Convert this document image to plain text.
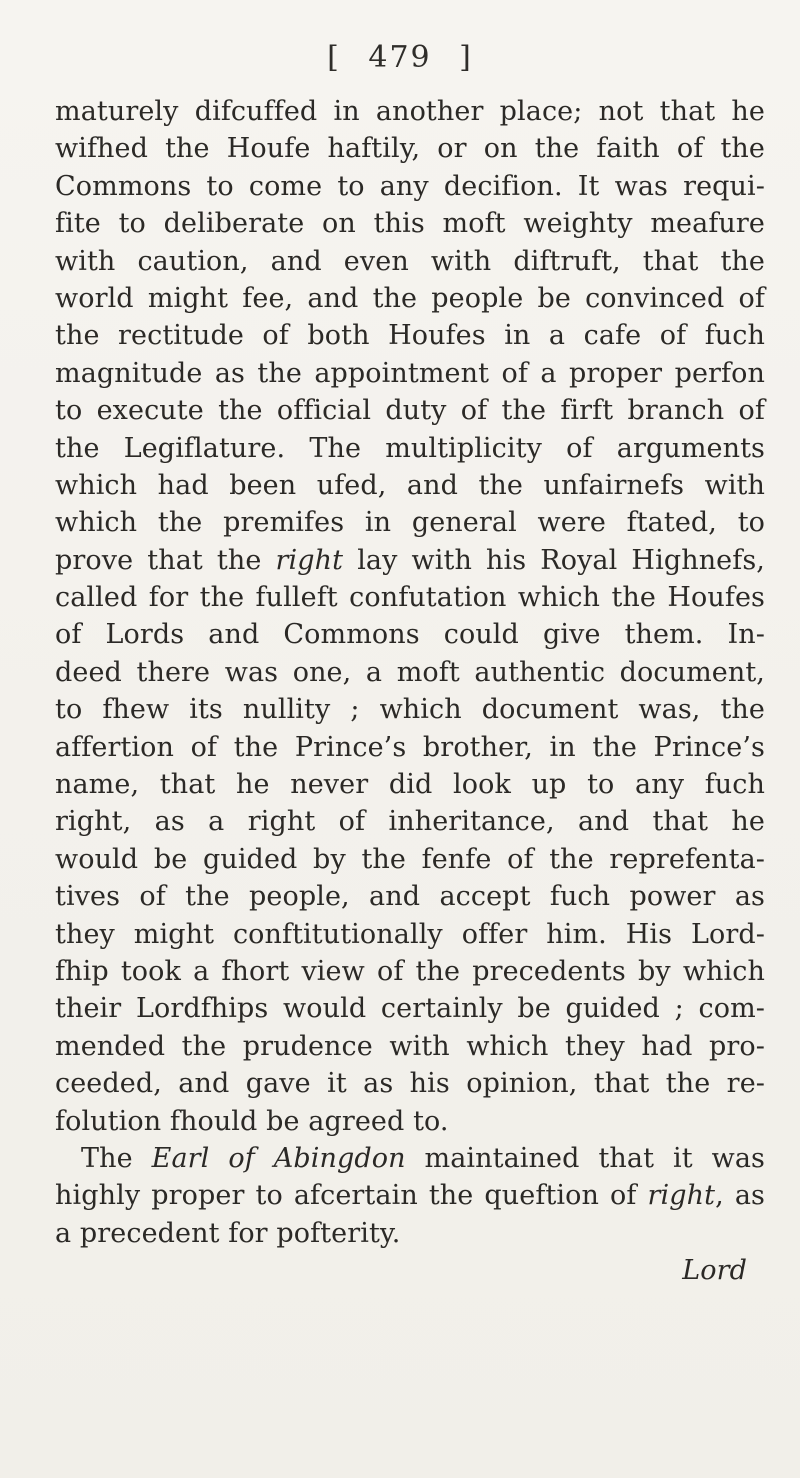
[ 479 ]
maturely difcuffed in another place; not that he
wifhed the Houfe haftily, or on the faith of the
Commons to come to any decifion. It was requi-
fite to deliberate on this moft weighty meafure
with caution, and even with diftruft, that the
world might fee, and the people be convinced of
the rectitude of both Houfes in a cafe of fuch
magnitude as the appointment of a proper perfon
to execute the official duty of the firft branch of
the Legiflature. The multiplicity of arguments
which had been ufed, and the unfairnefs with
which the premifes in general were ftated, to
prove that the right lay with his Royal Highnefs,
called for the fulleft confutation which the Houfes
of Lords and Commons could give them. In-
deed there was one, a moft authentic document,
to fhew its nullity ; which document was, the
affertion of the Prince’s brother, in the Prince’s
name, that he never did look up to any fuch
right, as a right of inheritance, and that he
would be guided by the fenfe of the reprefenta-
tives of the people, and accept fuch power as
they might conftitutionally offer him. His Lord-
fhip took a fhort view of the precedents by which
their Lordfhips would certainly be guided ; com-
mended the prudence with which they had pro-
ceeded, and gave it as his opinion, that the re-
folution fhould be agreed to.
The Earl of Abingdon maintained that it was
highly proper to afcertain the queftion of right, as
a precedent for pofterity.
Lord
